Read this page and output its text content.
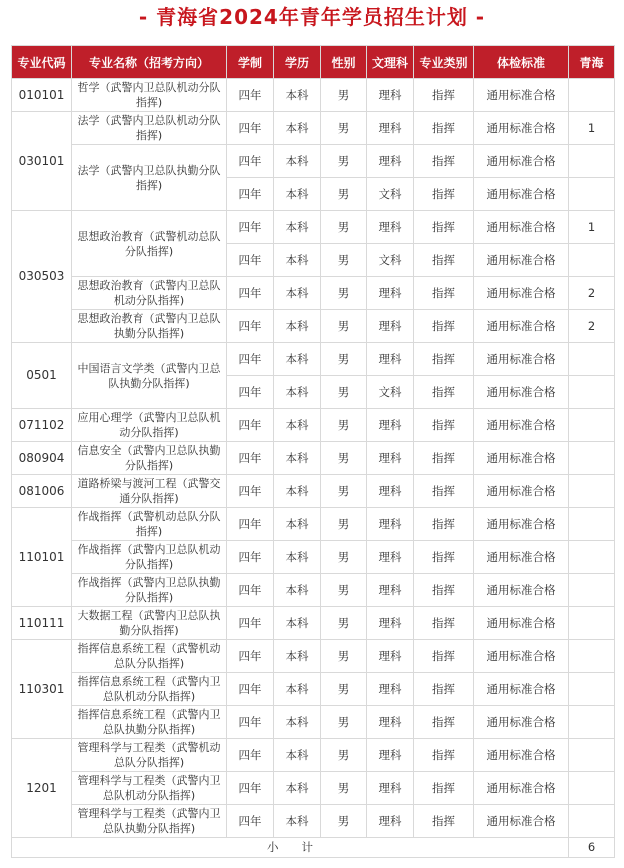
- 青海省2024年青年学员招生计划 -
专业代码	专业名称（招考方向）	学制	学历	性别	文理科	专业类别	体检标准	青海
010101	哲学（武警内卫总队机动分队指挥)	四年	本科	男	理科	指挥	通用标准合格	
030101	法学（武警内卫总队机动分队指挥)	四年	本科	男	理科	指挥	通用标准合格	1
	法学（武警内卫总队执勤分队指挥)	四年	本科	男	理科	指挥	通用标准合格	
		四年	本科	男	文科	指挥	通用标准合格	
030503	思想政治教育（武警机动总队分队指挥)	四年	本科	男	理科	指挥	通用标准合格	1
		四年	本科	男	文科	指挥	通用标准合格	
	思想政治教育（武警内卫总队机动分队指挥)	四年	本科	男	理科	指挥	通用标准合格	2
	思想政治教育（武警内卫总队执勤分队指挥)	四年	本科	男	理科	指挥	通用标准合格	2
0501	中国语言文学类（武警内卫总队执勤分队指挥)	四年	本科	男	理科	指挥	通用标准合格	
		四年	本科	男	文科	指挥	通用标准合格	
071102	应用心理学（武警内卫总队机动分队指挥)	四年	本科	男	理科	指挥	通用标准合格	
080904	信息安全（武警内卫总队执勤分队指挥)	四年	本科	男	理科	指挥	通用标准合格	
081006	道路桥梁与渡河工程（武警交通分队指挥)	四年	本科	男	理科	指挥	通用标准合格	
110101	作战指挥（武警机动总队分队指挥)	四年	本科	男	理科	指挥	通用标准合格	
	作战指挥（武警内卫总队机动分队指挥)	四年	本科	男	理科	指挥	通用标准合格	
	作战指挥（武警内卫总队执勤分队指挥)	四年	本科	男	理科	指挥	通用标准合格	
110111	大数据工程（武警内卫总队执勤分队指挥)	四年	本科	男	理科	指挥	通用标准合格	
110301	指挥信息系统工程（武警机动总队分队指挥)	四年	本科	男	理科	指挥	通用标准合格	
	指挥信息系统工程（武警内卫总队机动分队指挥)	四年	本科	男	理科	指挥	通用标准合格	
	指挥信息系统工程（武警内卫总队执勤分队指挥)	四年	本科	男	理科	指挥	通用标准合格	
1201	管理科学与工程类（武警机动总队分队指挥)	四年	本科	男	理科	指挥	通用标准合格	
	管理科学与工程类（武警内卫总队机动分队指挥)	四年	本科	男	理科	指挥	通用标准合格	
	管理科学与工程类（武警内卫总队执勤分队指挥)	四年	本科	男	理科	指挥	通用标准合格	
小　　计								6
